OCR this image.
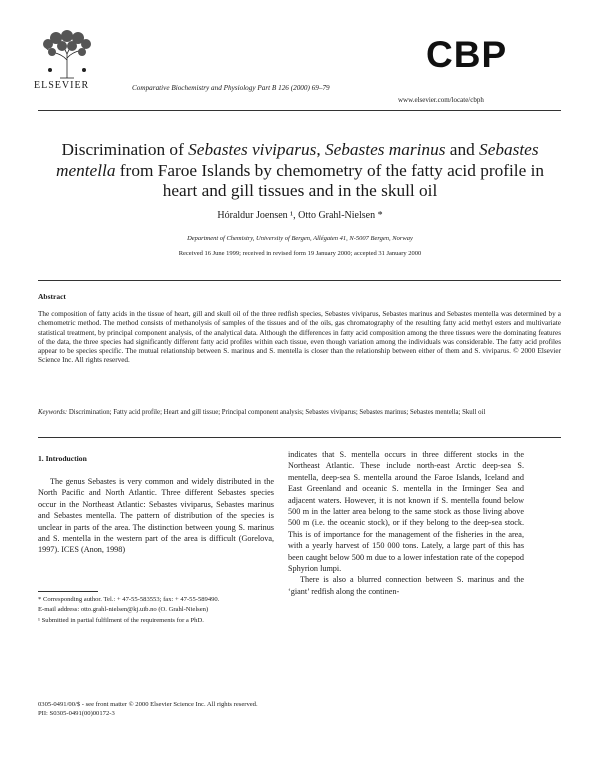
ELSEVIER	Comparative Biochemistry and Physiology Part B 126 (2000) 69–79
CBP
www.elsevier.com/locate/cbph
Discrimination of Sebastes viviparus, Sebastes marinus and Sebastes mentella from Faroe Islands by chemometry of the fatty acid profile in heart and gill tissues and in the skull oil
Hóraldur Joensen ¹, Otto Grahl-Nielsen *
Department of Chemistry, University of Bergen, Allégaten 41, N-5007 Bergen, Norway
Received 16 June 1999; received in revised form 19 January 2000; accepted 31 January 2000
Abstract
The composition of fatty acids in the tissue of heart, gill and skull oil of the three redfish species, Sebastes viviparus, Sebastes marinus and Sebastes mentella was determined by a chemometric method. The method consists of methanolysis of samples of the tissues and of the oils, gas chromatography of the resulting fatty acid methyl esters and multivariate statistical treatment, by principal component analysis, of the analytical data. Although the differences in fatty acid composition among the three tissues were the dominating features of the data, the three species had significantly different fatty acid profiles within each tissue, even though variation among the individuals was considerable. The fatty acid profiles appear to be species specific. The mutual relationship between S. marinus and S. mentella is closer than the relationship between either of them and S. viviparus. © 2000 Elsevier Science Inc. All rights reserved.
Keywords: Discrimination; Fatty acid profile; Heart and gill tissue; Principal component analysis; Sebastes viviparus; Sebastes marinus; Sebastes mentella; Skull oil
1. Introduction

The genus Sebastes is very common and widely distributed in the North Pacific and North Atlantic. Three different Sebastes species occur in the Northeast Atlantic: Sebastes viviparus, Sebastes marinus and Sebastes mentella. The pattern of distribution of the species is unclear in parts of the area. The distinction between young S. marinus and S. mentella in the western part of the area is difficult (Gorelova, 1997). ICES (Anon, 1998)

indicates that S. mentella occurs in three different stocks in the Northeast Atlantic. These include north-east Arctic deep-sea S. mentella, deep-sea S. mentella around the Faroe Islands, Iceland and East Greenland and oceanic S. mentella in the Irminger Sea and adjacent waters. However, it is not known if S. mentella found below 500 m in the latter area belong to the same stock as those living above 500 m (i.e. the oceanic stock), or if they belong to the deep-sea stock. This is of importance for the management of the fisheries in the area, with a yearly harvest of 150 000 tons. Lately, a large part of this has been caught below 500 m due to a lower infestation rate of the copepod Sphyrion lumpi.

There is also a blurred connection between S. marinus and the ‘giant’ redfish along the continen-

* Corresponding author. Tel.: + 47-55-583553; fax: + 47-55-589490.

E-mail address: otto.grahl-nielsen@kj.uib.no (O. Grahl-Nielsen)

¹ Submitted in partial fulfilment of the requirements for a PhD.

0305-0491/00/$ - see front matter © 2000 Elsevier Science Inc. All rights reserved.
PII: S0305-0491(00)00172-3
